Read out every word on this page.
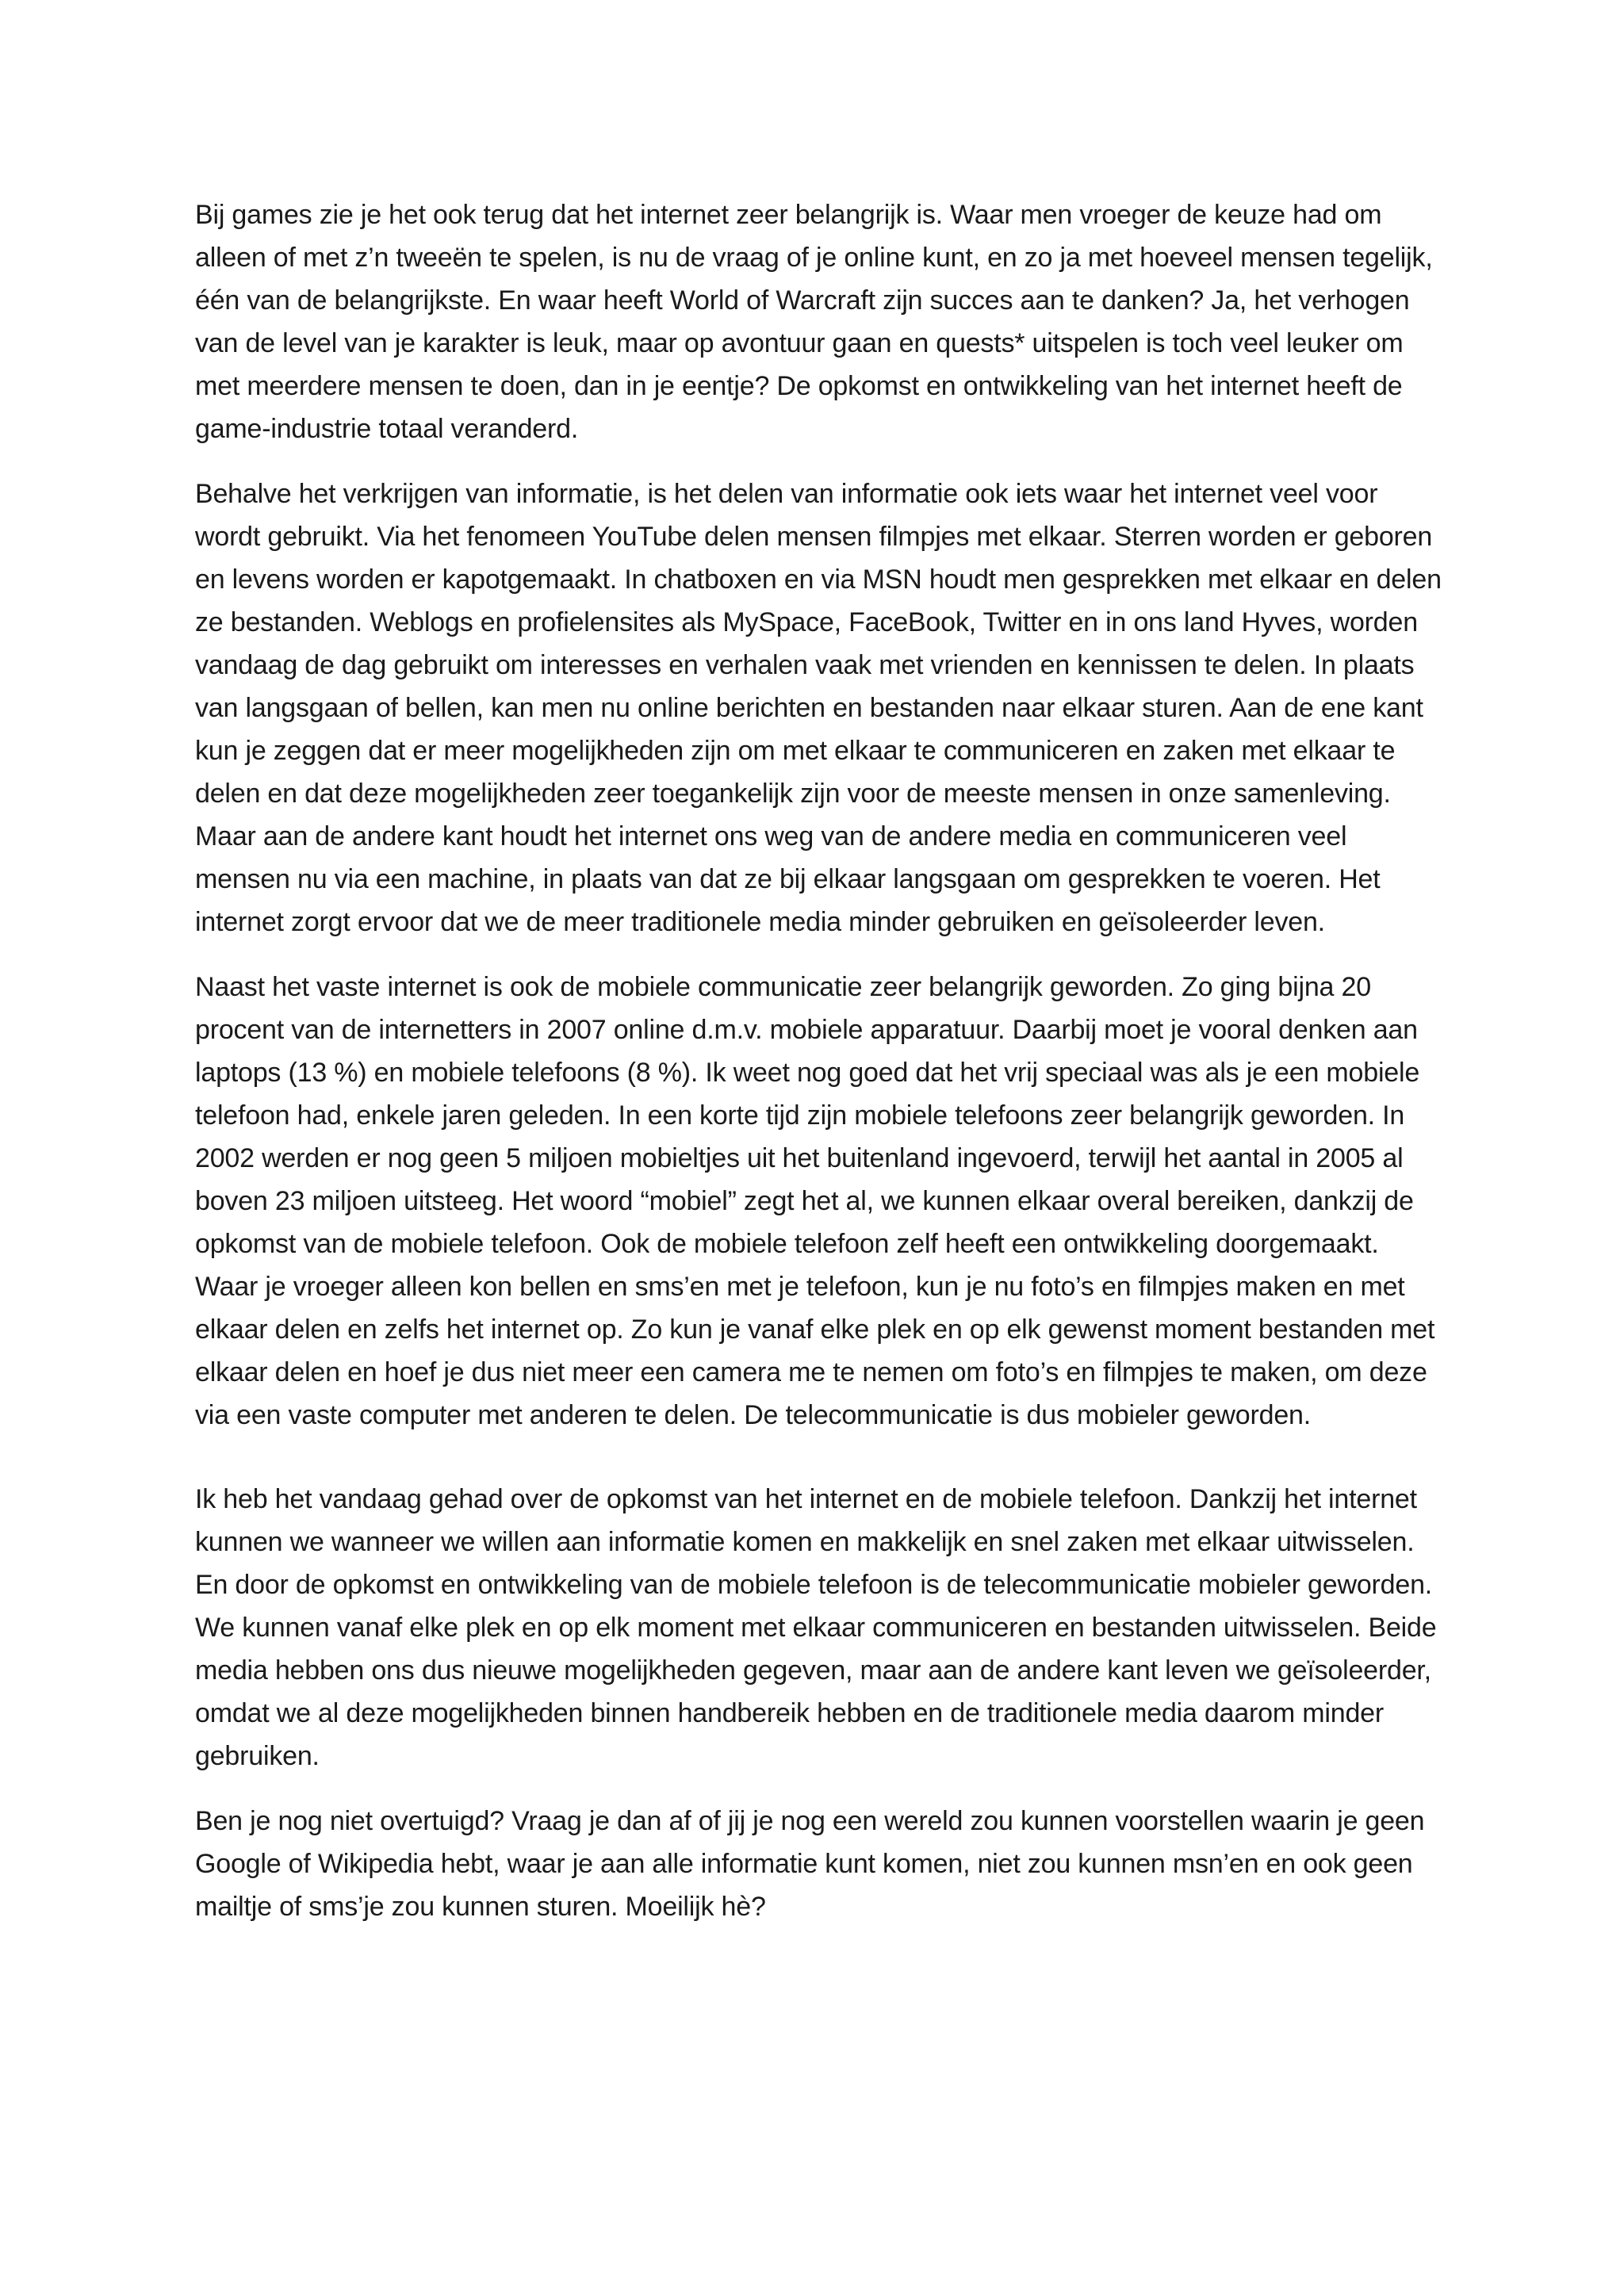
Bij games zie je het ook terug dat het internet zeer belangrijk is. Waar men vroeger de keuze had om alleen of met z’n tweeën te spelen, is nu de vraag of je online kunt, en zo ja met hoeveel mensen tegelijk, één van de belangrijkste. En waar heeft World of Warcraft zijn succes aan te danken? Ja, het verhogen van de level van je karakter is leuk, maar op avontuur gaan en quests* uitspelen is toch veel leuker om met meerdere mensen te doen, dan in je eentje? De opkomst en ontwikkeling van het internet heeft de game-industrie totaal veranderd.

Behalve het verkrijgen van informatie, is het delen van informatie ook iets waar het internet veel voor wordt gebruikt. Via het fenomeen YouTube delen mensen filmpjes met elkaar. Sterren worden er geboren en levens worden er kapotgemaakt. In chatboxen en via MSN houdt men gesprekken met elkaar en delen ze bestanden. Weblogs en profielensites als MySpace, FaceBook, Twitter en in ons land Hyves, worden vandaag de dag gebruikt om interesses en verhalen vaak met vrienden en kennissen te delen. In plaats van langsgaan of bellen, kan men nu online berichten en bestanden naar elkaar sturen. Aan de ene kant kun je zeggen dat er meer mogelijkheden zijn om met elkaar te communiceren en zaken met elkaar te delen en dat deze mogelijkheden zeer toegankelijk zijn voor de meeste mensen in onze samenleving. Maar aan de andere kant houdt het internet ons weg van de andere media en communiceren veel mensen nu via een machine, in plaats van dat ze bij elkaar langsgaan om gesprekken te voeren. Het internet zorgt ervoor dat we de meer traditionele media minder gebruiken en geïsoleerder leven.

Naast het vaste internet is ook de mobiele communicatie zeer belangrijk geworden. Zo ging bijna 20 procent van de internetters in 2007 online d.m.v. mobiele apparatuur. Daarbij moet je vooral denken aan laptops (13 %) en mobiele telefoons (8 %). Ik weet nog goed dat het vrij speciaal was als je een mobiele telefoon had, enkele jaren geleden. In een korte tijd zijn mobiele telefoons zeer belangrijk geworden. In 2002 werden er nog geen 5 miljoen mobieltjes uit het buitenland ingevoerd, terwijl het aantal in 2005 al boven 23 miljoen uitsteeg. Het woord “mobiel” zegt het al, we kunnen elkaar overal bereiken, dankzij de opkomst van de mobiele telefoon. Ook de mobiele telefoon zelf heeft een ontwikkeling doorgemaakt. Waar je vroeger alleen kon bellen en sms’en met je telefoon, kun je nu foto’s en filmpjes maken en met elkaar delen en zelfs het internet op. Zo kun je vanaf elke plek en op elk gewenst moment bestanden met elkaar delen en hoef je dus niet meer een camera me te nemen om foto’s en filmpjes te maken, om deze via een vaste computer met anderen te delen. De telecommunicatie is dus mobieler geworden.

Ik heb het vandaag gehad over de opkomst van het internet en de mobiele telefoon. Dankzij het internet kunnen we wanneer we willen aan informatie komen en makkelijk en snel zaken met elkaar uitwisselen. En door de opkomst en ontwikkeling van de mobiele telefoon is de telecommunicatie mobieler geworden. We kunnen vanaf elke plek en op elk moment met elkaar communiceren en bestanden uitwisselen. Beide media hebben ons dus nieuwe mogelijkheden gegeven, maar aan de andere kant leven we geïsoleerder, omdat we al deze mogelijkheden binnen handbereik hebben en de traditionele media daarom minder gebruiken.

Ben je nog niet overtuigd? Vraag je dan af of jij je nog een wereld zou kunnen voorstellen waarin je geen Google of Wikipedia hebt, waar je aan alle informatie kunt komen, niet zou kunnen msn’en en ook geen mailtje of sms’je zou kunnen sturen. Moeilijk hè?
